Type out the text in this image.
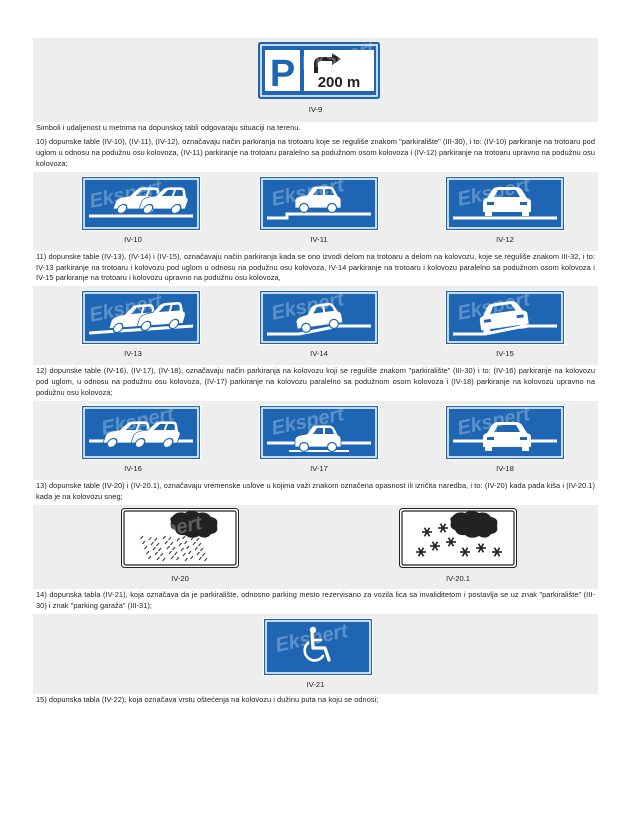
P 200 m
IV-9
Simboli i udaljenost u metrima na dopunskoj tabli odgovaraju situaciji na terenu.
10) dopunske table (IV-10), (IV-11), (IV-12), označavaju način parkiranja na trotoaru koje se reguliše znakom "parkiralište" (III-30), i to: (IV-10) parkiranje na trotoaru pod uglom u odnosu na podužnu osu kolovoza, (IV-11) parkiranje na trotoaru paralelno sa podužnom osom kolovoza i (IV-12) parkiranje na trotoaru upravno na podužnu osu kolovoza;
IV-10	IV-11	IV-12
11) dopunske table (IV-13), (IV-14) i (IV-15), označavaju način parkiranja kada se ono izvodi delom na trotoaru a delom na kolovozu, koje se reguliše znakom III-32, i to: IV-13 parkiranje na trotoaru i kolovozu pod uglom u odnosu na podužnu osu kolovoza, IV-14 parkiranje na trotoaru i kolovozu paralelno sa podužnom osom kolovoza i IV-15 parkiranje na trotoaru i kolovozu upravno na podužnu osu kolovoza,
IV-13	IV-14	IV-15
12) dopunske table (IV-16), (IV-17), (IV-18), označavaju način parkiranja na kolovozu koji se reguliše znakom "parkiralište" (III-30) i to: (IV-16) parkiranje na kolovozu pod uglom, u odnosu na podužnu osu kolovoza, (IV-17) parkiranje na kolovozu paralelno sa podužnom osom kolovoza i (IV-18) parkiranje na kolovozu upravno na podužnu osu kolovoza;
IV-16	IV-17	IV-18
13) dopunske table (IV-20) i (IV-20.1), označavaju vremenske uslove u kojima važi znakom označena opasnost ili izričita naredba, i to: (IV-20) kada pada kiša i (IV-20.1) kada je na kolovozu sneg;
IV-20	IV-20.1
14) dopunska tabla (IV-21), koja označava da je parkiralište, odnosno parking mesto rezervisano za vozila lica sa invaliditetom i postavlja se uz znak "parkiralište" (III-30) i znak "parking garaža" (III-31);
IV-21
15) dopunska tabla (IV-22), koja označava vrstu oštećenja na kolovozu i dužinu puta na koju se odnosi;
